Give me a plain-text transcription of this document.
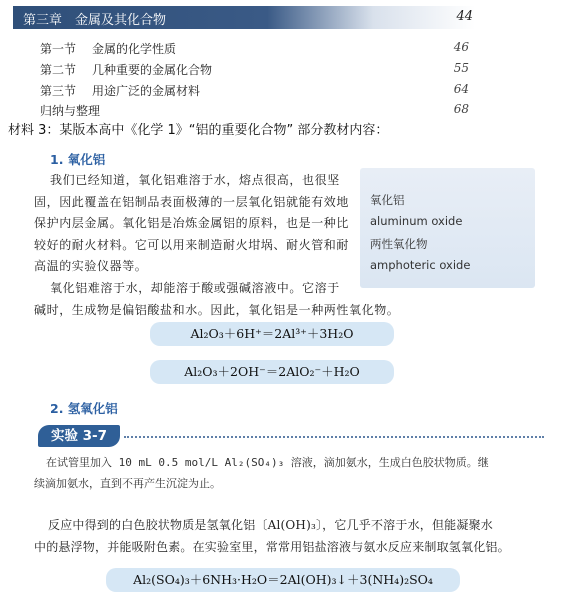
第三章　金属及其化合物	44
第一节 金属的化学性质	46
第二节 几种重要的金属化合物	55
第三节 用途广泛的金属材料	64
归纳与整理	68
材料 3：某版本高中《化学 1》“铝的重要化合物” 部分教材内容：
1. 氧化铝
我们已经知道，氧化铝难溶于水，熔点很高，也很坚
固，因此覆盖在铝制品表面极薄的一层氧化铝就能有效地
保护内层金属。氧化铝是冶炼金属铝的原料，也是一种比
较好的耐火材料。它可以用来制造耐火坩埚、耐火管和耐
高温的实验仪器等。
氧化铝
aluminum oxide
两性氧化物
amphoteric oxide
氧化铝难溶于水，却能溶于酸或强碱溶液中。它溶于
碱时，生成物是偏铝酸盐和水。因此，氧化铝是一种两性氧化物。
Al₂O₃＋6H⁺＝2Al³⁺＋3H₂O
Al₂O₃＋2OH⁻＝2AlO₂⁻＋H₂O
2. 氢氧化铝
实验 3-7
在试管里加入 10 mL 0.5 mol/L Al₂(SO₄)₃ 溶液，滴加氨水，生成白色胶状物质。继
续滴加氨水，直到不再产生沉淀为止。
反应中得到的白色胶状物质是氢氧化铝〔Al(OH)₃〕，它几乎不溶于水，但能凝聚水
中的悬浮物，并能吸附色素。在实验室里，常常用铝盐溶液与氨水反应来制取氢氧化铝。
Al₂(SO₄)₃＋6NH₃·H₂O＝2Al(OH)₃↓＋3(NH₄)₂SO₄
